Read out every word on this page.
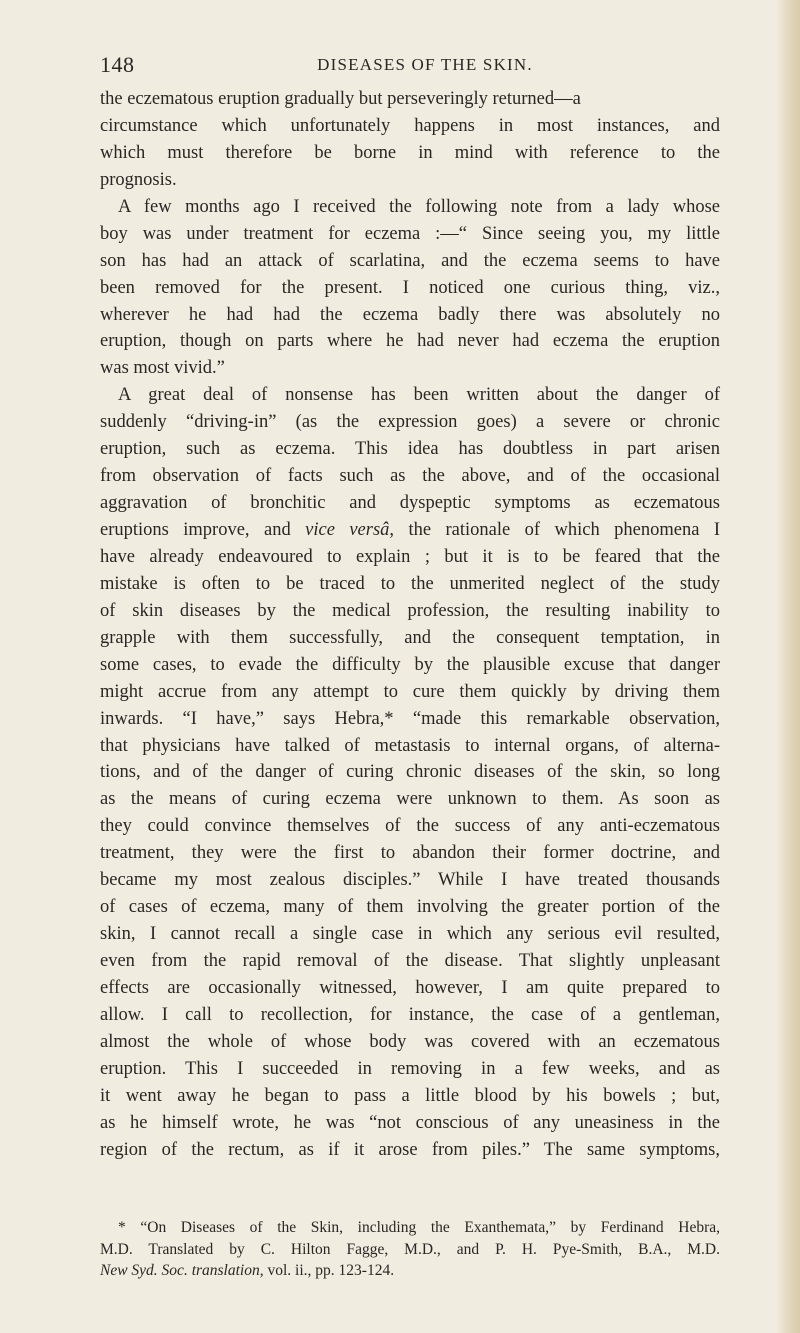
148	DISEASES OF THE SKIN.
the eczematous eruption gradually but perseveringly returned—a
circumstance which unfortunately happens in most instances, and
which must therefore be borne in mind with reference to the
prognosis.
A few months ago I received the following note from a lady whose
boy was under treatment for eczema :—“ Since seeing you, my little
son has had an attack of scarlatina, and the eczema seems to have
been removed for the present. I noticed one curious thing, viz.,
wherever he had had the eczema badly there was absolutely no
eruption, though on parts where he had never had eczema the eruption
was most vivid.”
A great deal of nonsense has been written about the danger of
suddenly “driving-in” (as the expression goes) a severe or chronic
eruption, such as eczema. This idea has doubtless in part arisen
from observation of facts such as the above, and of the occasional
aggravation of bronchitic and dyspeptic symptoms as eczematous
eruptions improve, and vice versâ, the rationale of which phenomena I
have already endeavoured to explain ; but it is to be feared that the
mistake is often to be traced to the unmerited neglect of the study
of skin diseases by the medical profession, the resulting inability to
grapple with them successfully, and the consequent temptation, in
some cases, to evade the difficulty by the plausible excuse that danger
might accrue from any attempt to cure them quickly by driving them
inwards. “I have,” says Hebra,* “made this remarkable observation,
that physicians have talked of metastasis to internal organs, of alterna-
tions, and of the danger of curing chronic diseases of the skin, so long
as the means of curing eczema were unknown to them. As soon as
they could convince themselves of the success of any anti-eczematous
treatment, they were the first to abandon their former doctrine, and
became my most zealous disciples.” While I have treated thousands
of cases of eczema, many of them involving the greater portion of the
skin, I cannot recall a single case in which any serious evil resulted,
even from the rapid removal of the disease. That slightly unpleasant
effects are occasionally witnessed, however, I am quite prepared to
allow. I call to recollection, for instance, the case of a gentleman,
almost the whole of whose body was covered with an eczematous
eruption. This I succeeded in removing in a few weeks, and as
it went away he began to pass a little blood by his bowels ; but,
as he himself wrote, he was “not conscious of any uneasiness in the
region of the rectum, as if it arose from piles.” The same symptoms,
* “On Diseases of the Skin, including the Exanthemata,” by Ferdinand Hebra,
M.D. Translated by C. Hilton Fagge, M.D., and P. H. Pye-Smith, B.A., M.D.
New Syd. Soc. translation, vol. ii., pp. 123-124.
